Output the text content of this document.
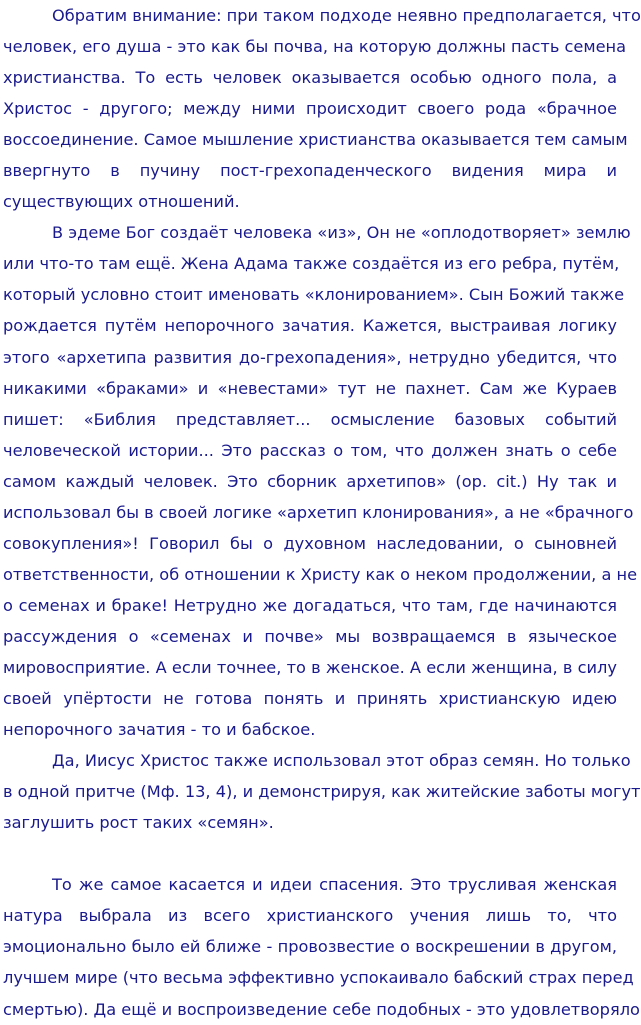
Обратим внимание: при таком подходе неявно предполагается, что
человек, его душа - это как бы почва, на которую должны пасть семена
христианства. То есть человек оказывается особью одного пола, а
Христос - другого; между ними происходит своего рода «брачное
воссоединение. Самое мышление христианства оказывается тем самым
ввергнуто в пучину пост-грехопаденческого видения мира и
существующих отношений.
В эдеме Бог создаёт человека «из», Он не «оплодотворяет» землю
или что-то там ещё. Жена Адама также создаётся из его ребра, путём,
который условно стоит именовать «клонированием». Сын Божий также
рождается путём непорочного зачатия. Кажется, выстраивая логику
этого «архетипа развития до-грехопадения», нетрудно убедится, что
никакими «браками» и «невестами» тут не пахнет. Сам же Кураев
пишет: «Библия представляет... осмысление базовых событий
человеческой истории... Это рассказ о том, что должен знать о себе
самом каждый человек. Это сборник архетипов» (op. cit.) Ну так и
использовал бы в своей логике «архетип клонирования», а не «брачного
совокупления»! Говорил бы о духовном наследовании, о сыновней
ответственности, об отношении к Христу как о неком продолжении, а не
о семенах и браке! Нетрудно же догадаться, что там, где начинаются
рассуждения о «семенах и почве» мы возвращаемся в языческое
мировосприятие. А если точнее, то в женское. А если женщина, в силу
своей упёртости не готова понять и принять христианскую идею
непорочного зачатия - то и бабское.
Да, Иисус Христос также использовал этот образ семян. Но только
в одной притче (Мф. 13, 4), и демонстрируя, как житейские заботы могут
заглушить рост таких «семян».
То же самое касается и идеи спасения. Это трусливая женская
натура выбрала из всего христианского учения лишь то, что
эмоционально было ей ближе - провозвестие о воскрешении в другом,
лучшем мире (что весьма эффективно успокаивало бабский страх перед
смертью). Да ещё и воспроизведение себе подобных - это удовлетворяло
